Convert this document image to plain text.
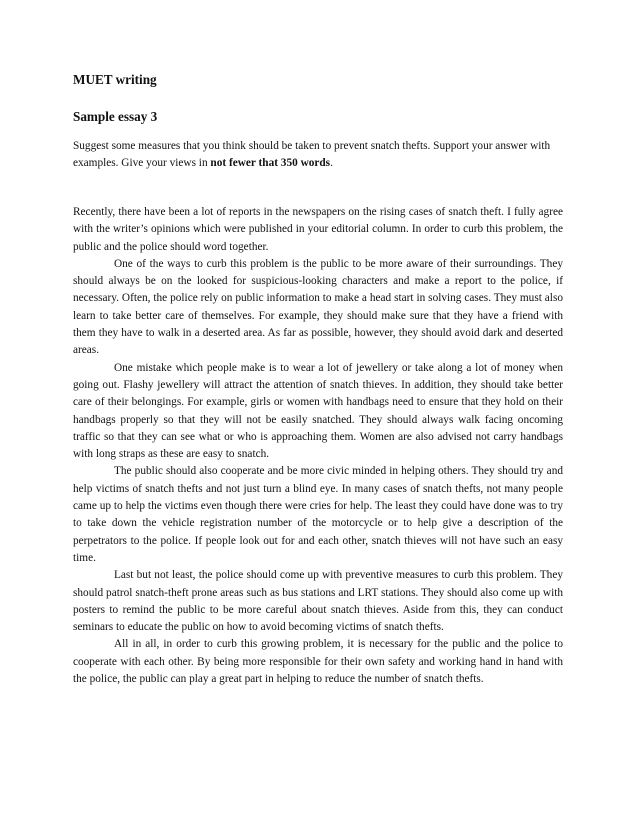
MUET writing

Sample essay 3

Suggest some measures that you think should be taken to prevent snatch thefts. Support your answer with examples. Give your views in not fewer that 350 words.

Recently, there have been a lot of reports in the newspapers on the rising cases of snatch theft. I fully agree with the writer’s opinions which were published in your editorial column. In order to curb this problem, the public and the police should word together.

One of the ways to curb this problem is the public to be more aware of their surroundings. They should always be on the looked for suspicious-looking characters and make a report to the police, if necessary. Often, the police rely on public information to make a head start in solving cases. They must also learn to take better care of themselves. For example, they should make sure that they have a friend with them they have to walk in a deserted area. As far as possible, however, they should avoid dark and deserted areas.

One mistake which people make is to wear a lot of jewellery or take along a lot of money when going out. Flashy jewellery will attract the attention of snatch thieves. In addition, they should take better care of their belongings. For example, girls or women with handbags need to ensure that they hold on their handbags properly so that they will not be easily snatched. They should always walk facing oncoming traffic so that they can see what or who is approaching them. Women are also advised not carry handbags with long straps as these are easy to snatch.

The public should also cooperate and be more civic minded in helping others. They should try and help victims of snatch thefts and not just turn a blind eye. In many cases of snatch thefts, not many people came up to help the victims even though there were cries for help. The least they could have done was to try to take down the vehicle registration number of the motorcycle or to help give a description of the perpetrators to the police. If people look out for and each other, snatch thieves will not have such an easy time.

Last but not least, the police should come up with preventive measures to curb this problem. They should patrol snatch-theft prone areas such as bus stations and LRT stations. They should also come up with posters to remind the public to be more careful about snatch thieves. Aside from this, they can conduct seminars to educate the public on how to avoid becoming victims of snatch thefts.

All in all, in order to curb this growing problem, it is necessary for the public and the police to cooperate with each other. By being more responsible for their own safety and working hand in hand with the police, the public can play a great part in helping to reduce the number of snatch thefts.
